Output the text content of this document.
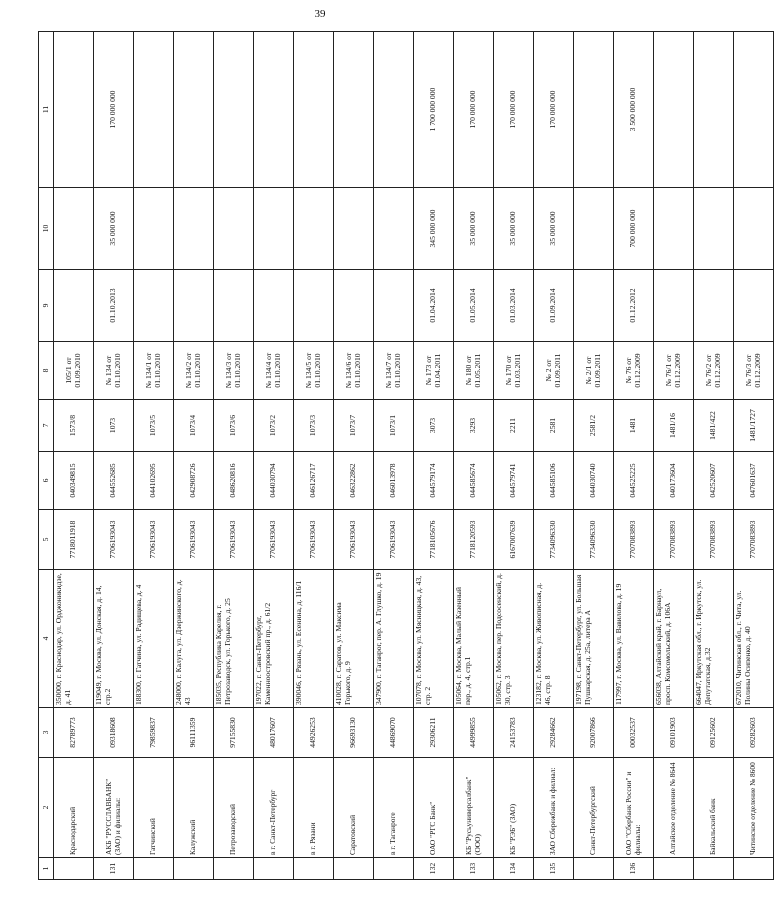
39
1	2	3	4	5	6	7	8	9	10	11
	Краснодарский	82789773	350000, г. Краснодар, ул. Орджоникидзе, д. 41	7718011918	040349815	1573/8	105/1 от 01.09.2010			
131	АКБ "РУССЛАВБАНК" (ЗАО) и филиалы:	09318608	119049, г. Москва, ул. Донская, д. 14, стр.2	7706193043	044552685	1073	№ 134 от 01.10.2010	01.10.2013	35 000 000	170 000 000
	Гатчинский	79859837	188300, г. Гатчина, ул. Радищева, д. 4	7706193043	044102695	1073/5	№ 134/1 от 01.10.2010			
	Калужский	96111359	248000, г. Калуга, ул. Дзержинского, д. 43	7706193043	042908726	1073/4	№ 134/2 от 01.10.2010			
	Петрозаводский	97155830	185035, Республика Карелия, г. Петрозаводск, ул. Горького, д. 25	7706193043	048620816	1073/6	№ 134/3 от 01.10.2010			
	в г. Санкт-Петербург	48017607	197022, г. Санкт-Петербург, Каменноостровский пр., д. 61/2	7706193043	044030794	1073/2	№ 134/4 от 01.10.2010			
	в г. Рязани	44926253	390046, г. Рязань, ул. Есенина, д. 116/1	7706193043	046126717	1073/3	№ 134/5 от 01.10.2010			
	Саратовский	96693130	410028, г. Саратов, ул. Максима Горького, д. 9	7706193043	046322862	1073/7	№ 134/6 от 01.10.2010			
	в г. Таганроге	44869070	347900, г. Таганрог, пер. А. Глушко, д. 19	7706193043	046013978	1073/1	№ 134/7 от 01.10.2010			
132	ОАО "РГС Банк"	29306211	107078, г. Москва, ул. Мясницкая, д. 43, стр. 2	7718105676	044579174	3073	№ 173 от 01.04.2011	01.04.2014	345 000 000	1 700 000 000
133	КБ "Русьуниверсалбанк" (ООО)	44999855	105064, г. Москва, Малый Казенный пер., д. 4, стр.1	7718120593	044585674	3293	№ 180 от 01.05.2011	01.05.2014	35 000 000	170 000 000
134	КБ "РЭБ" (ЗАО)	24153783	105062, г. Москва, пер. Подсосенский, д. 30, стр. 3	6167007639	044579741	2211	№ 170 от 01.03.2011	01.03.2014	35 000 000	170 000 000
135	ЗАО Сбережбанк и филиал:	29284662	123182, г. Москва, ул. Живописная, д. 46, стр. 8	7734096330	044585106	2581	№ 2 от 01.09.2011	01.09.2014	35 000 000	170 000 000
	Санкт-Петербургский	92007866	197198, г. Санкт-Петербург, ул. Большая Пушкарская, д. 25а, литера А	7734096330	044030740	2581/2	№ 2/1 от 01.09.2011			
136	ОАО "Сбербанк России" и филиалы:	00032537	117997, г. Москва, ул. Вавилова, д. 19	7707083893	044525225	1481	№ 76 от 01.12.2009	01.12.2012	700 000 000	3 500 000 000
	Алтайское отделение № 8644	09101903	656038, Алтайский край, г. Барнаул, просп. Комсомольский, д. 106А	7707083893	040173604	1481/16	№ 76/1 от 01.12.2009			
	Байкальский банк	09125602	664047, Иркутская обл., г. Иркутск, ул. Депутатская, д.32	7707083893	042520607	1481/422	№ 76/2 от 01.12.2009			
	Читинское отделение № 8600	09282603	672010, Читинская обл., г. Чита, ул. Полины Осипенко, д. 40	7707083893	047601637	1481/1727	№ 76/3 от 01.12.2009			
